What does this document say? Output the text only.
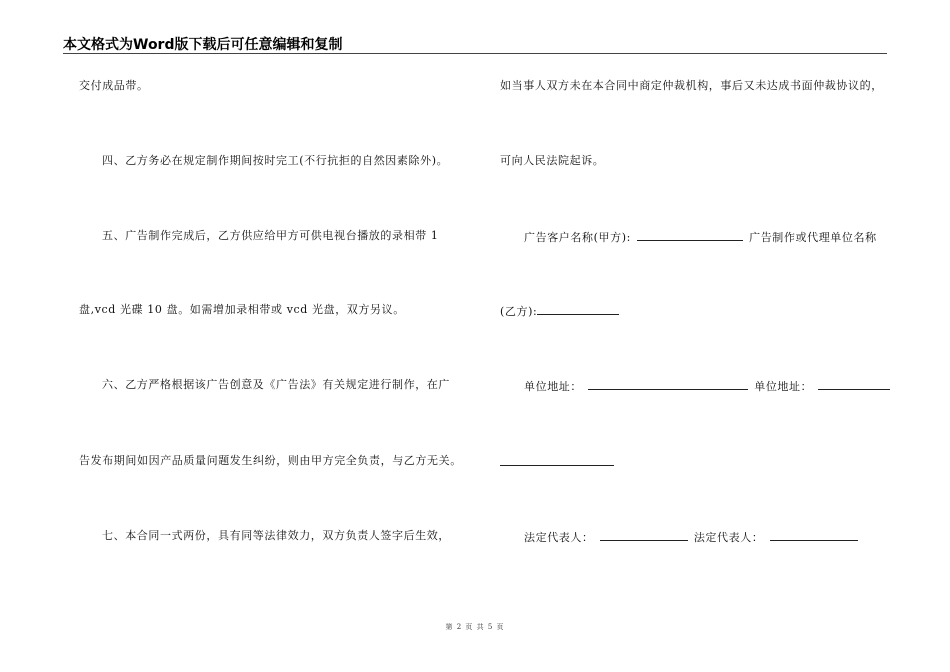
本文格式为Word版下载后可任意编辑和复制
交付成品带。
四、乙方务必在规定制作期间按时完工(不行抗拒的自然因素除外)。
五、广告制作完成后，乙方供应给甲方可供电视台播放的录相带 1
盘,vcd 光碟 10 盘。如需增加录相带或 vcd 光盘，双方另议。
六、乙方严格根据该广告创意及《广告法》有关规定进行制作，在广
告发布期间如因产品质量问题发生纠纷，则由甲方完全负责，与乙方无关。
七、本合同一式两份，具有同等法律效力，双方负责人签字后生效，
如当事人双方未在本合同中商定仲裁机构，事后又未达成书面仲裁协议的，
可向人民法院起诉。
广告客户名称(甲方):	广告制作或代理单位名称
(乙方):
单位地址：	单位地址：
法定代表人：	法定代表人：
第 2 页 共 5 页
